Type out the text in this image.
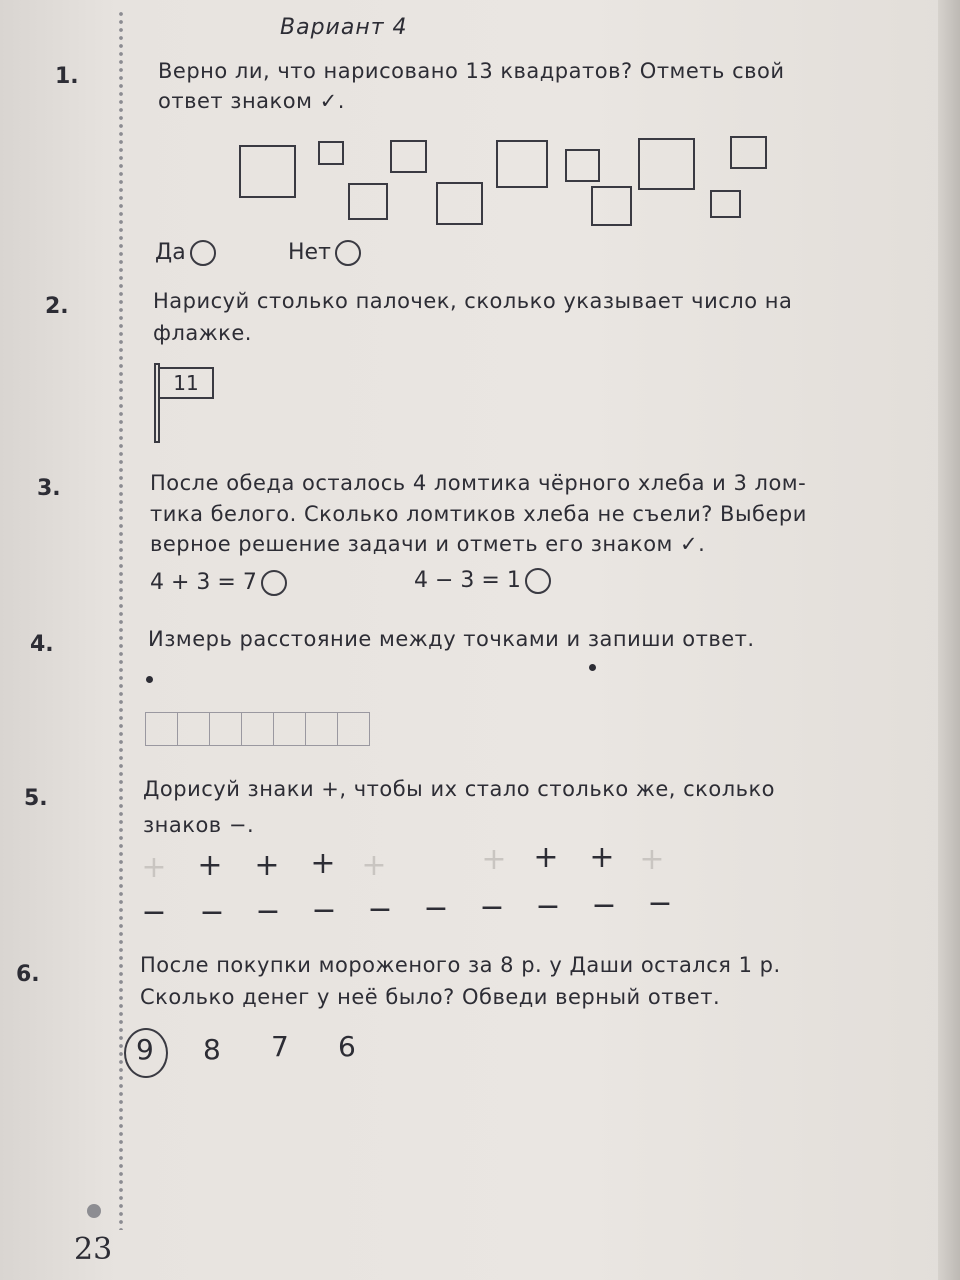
Вариант 4
1.	Верно ли, что нарисовано 13 квадратов? Отметь свой
ответ знаком ✓.
Да	Нет
2.	Нарисуй столько палочек, сколько указывает число на
флажке.
11
3.	После обеда осталось 4 ломтика чёрного хлеба и 3 лом-
тика белого. Сколько ломтиков хлеба не съели? Выбери
верное решение задачи и отметь его знаком ✓.
4 + 3 = 7	4 − 3 = 1
4.	Измерь расстояние между точками и запиши ответ.
5.	Дорисуй знаки +, чтобы их стало столько же, сколько
знаков −.
+	+	+	+ +	+ +	+ +
−	−	−	−	−	−	−	−	−	−
6.	После покупки мороженого за 8 р. у Даши остался 1 р.
Сколько денег у неё было? Обведи верный ответ.
9 8 7 6
23
